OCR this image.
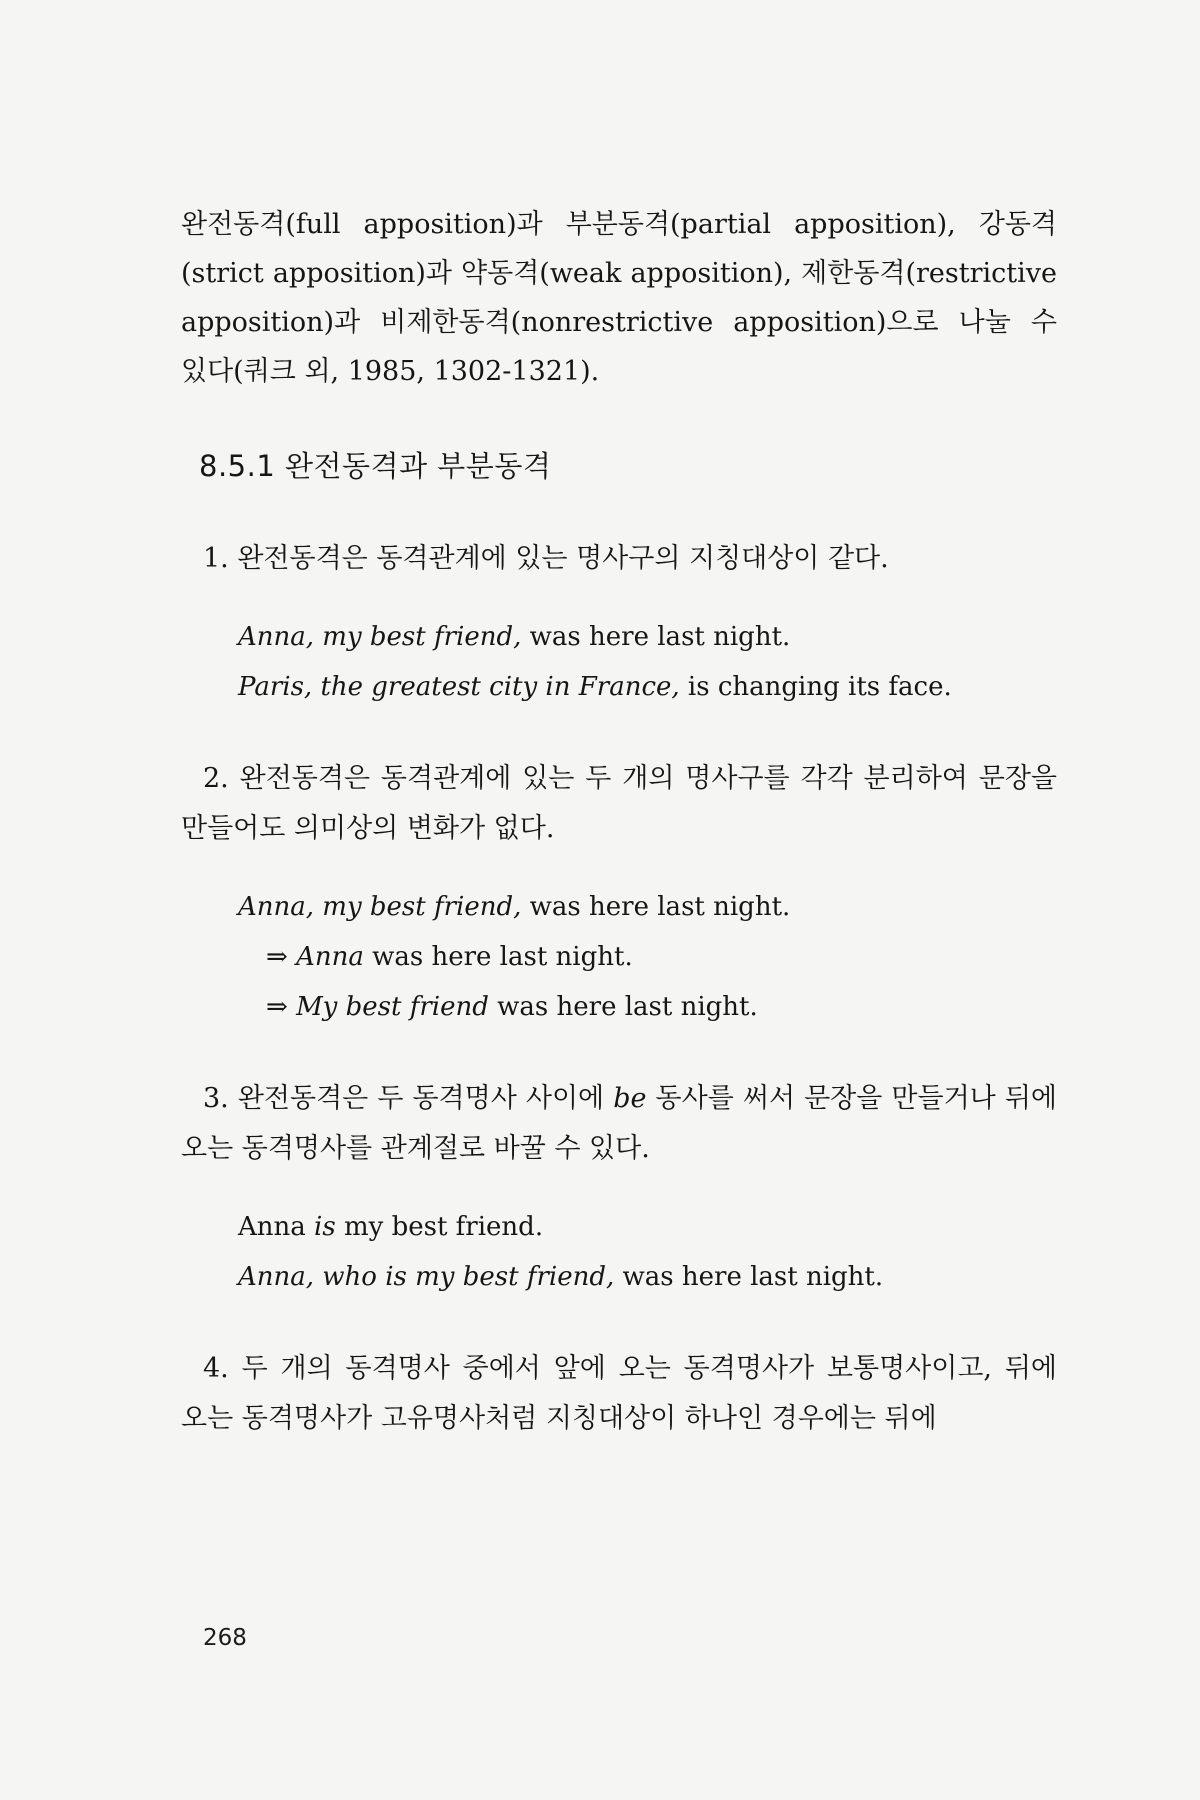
완전동격(full apposition)과 부분동격(partial apposition), 강동격(strict apposition)과 약동격(weak apposition), 제한동격(restrictive apposition)과 비제한동격(nonrestrictive apposition)으로 나눌 수 있다(쿼크 외, 1985, 1302-1321).

8.5.1 완전동격과 부분동격

1. 완전동격은 동격관계에 있는 명사구의 지칭대상이 같다.

Anna, my best friend, was here last night.
Paris, the greatest city in France, is changing its face.

2. 완전동격은 동격관계에 있는 두 개의 명사구를 각각 분리하여 문장을 만들어도 의미상의 변화가 없다.

Anna, my best friend, was here last night.
⇒ Anna was here last night.
⇒ My best friend was here last night.

3. 완전동격은 두 동격명사 사이에 be 동사를 써서 문장을 만들거나 뒤에 오는 동격명사를 관계절로 바꿀 수 있다.

Anna is my best friend.
Anna, who is my best friend, was here last night.

4. 두 개의 동격명사 중에서 앞에 오는 동격명사가 보통명사이고, 뒤에 오는 동격명사가 고유명사처럼 지칭대상이 하나인 경우에는 뒤에

268
